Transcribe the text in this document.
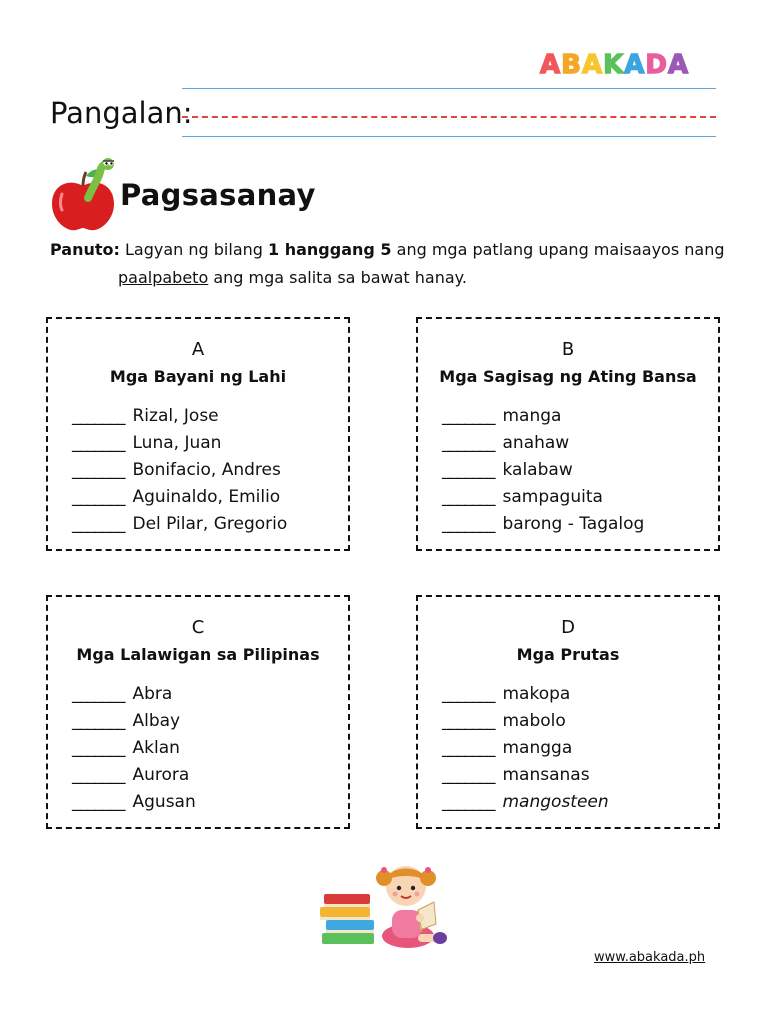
ABAKADA
Pangalan:
Pagsasanay
Panuto: Lagyan ng bilang 1 hanggang 5 ang mga patlang upang maisaayos nang
paalpabeto ang mga salita sa bawat hanay.
A
Mga Bayani ng Lahi
_______ Rizal, Jose
_______ Luna, Juan
_______ Bonifacio, Andres
_______ Aguinaldo, Emilio
_______ Del Pilar, Gregorio
B
Mga Sagisag ng Ating Bansa
_______ manga
_______ anahaw
_______ kalabaw
_______ sampaguita
_______ barong - Tagalog
C
Mga Lalawigan sa Pilipinas
_______ Abra
_______ Albay
_______ Aklan
_______ Aurora
_______ Agusan
D
Mga Prutas
_______ makopa
_______ mabolo
_______ mangga
_______ mansanas
_______ mangosteen
www.abakada.ph
